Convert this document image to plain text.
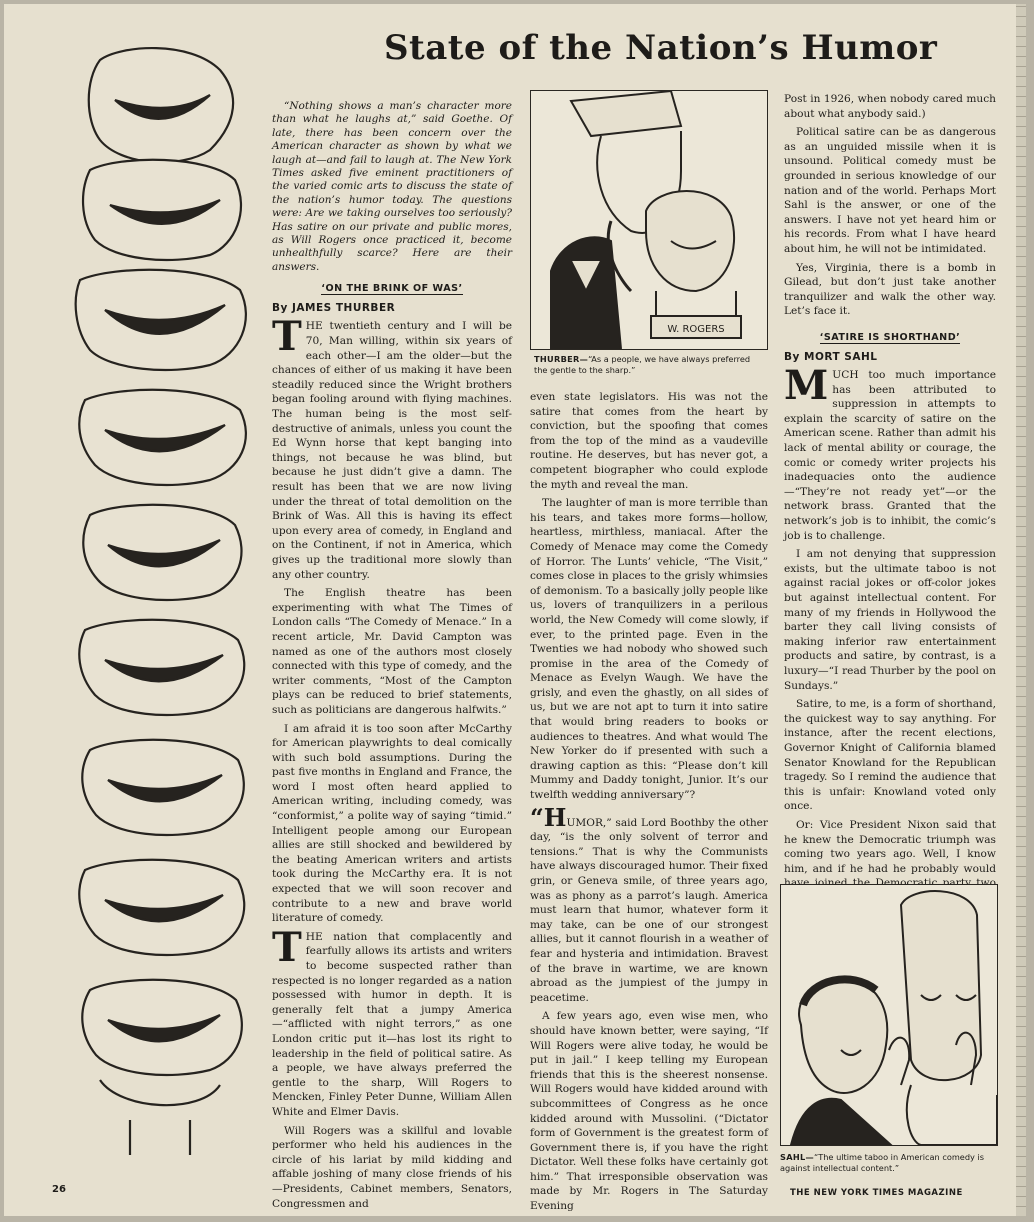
State of the Nation’s Humor
“Nothing shows a man’s character more than what he laughs at,” said Goethe. Of late, there has been concern over the American character as shown by what we laugh at—and fail to laugh at. The New York Times asked five eminent practitioners of the varied comic arts to discuss the state of the nation’s humor today. The questions were: Are we taking ourselves too seriously? Has satire on our private and public mores, as Will Rogers once practiced it, become unhealthfully scarce? Here are their answers.
‘ON THE BRINK OF WAS’
By JAMES THURBER

THE twentieth century and I will be 70, Man willing, within six years of each other—I am the older—but the chances of either of us making it have been steadily reduced since the Wright brothers began fooling around with flying machines. The human being is the most self-destructive of animals, unless you count the Ed Wynn horse that kept banging into things, not because he was blind, but because he just didn’t give a damn. The result has been that we are now living under the threat of total demolition on the Brink of Was. All this is having its effect upon every area of comedy, in England and on the Continent, if not in America, which gives up the traditional more slowly than any other country.

The English theatre has been experimenting with what The Times of London calls “The Comedy of Menace.” In a recent article, Mr. David Campton was named as one of the authors most closely connected with this type of comedy, and the writer comments, “Most of the Campton plays can be reduced to brief statements, such as politicians are dangerous halfwits.”

I am afraid it is too soon after McCarthy for American playwrights to deal comically with such bold assumptions. During the past five months in England and France, the word I most often heard applied to American writing, including comedy, was “conformist,” a polite way of saying “timid.” Intelligent people among our European allies are still shocked and bewildered by the beating American writers and artists took during the McCarthy era. It is not expected that we will soon recover and contribute to a new and brave world literature of comedy.

THE nation that complacently and fearfully allows its artists and writers to become suspected rather than respected is no longer regarded as a nation possessed with humor in depth. It is generally felt that a jumpy America—“afflicted with night terrors,” as one London critic put it—has lost its right to leadership in the field of political satire. As a people, we have always preferred the gentle to the sharp, Will Rogers to Mencken, Finley Peter Dunne, William Allen White and Elmer Davis.

Will Rogers was a skillful and lovable performer who held his audiences in the circle of his lariat by mild kidding and affable joshing of many close friends of his—Presidents, Cabinet members, Senators, Congressmen and

W. ROGERS
THURBER—“As a people, we have always preferred the gentle to the sharp.”

even state legislators. His was not the satire that comes from the heart by conviction, but the spoofing that comes from the top of the mind as a vaudeville routine. He deserves, but has never got, a competent biographer who could explode the myth and reveal the man.

The laughter of man is more terrible than his tears, and takes more forms—hollow, heartless, mirthless, maniacal. After the Comedy of Menace may come the Comedy of Horror. The Lunts’ vehicle, “The Visit,” comes close in places to the grisly whimsies of demonism. To a basically jolly people like us, lovers of tranquilizers in a perilous world, the New Comedy will come slowly, if ever, to the printed page. Even in the Twenties we had nobody who showed such promise in the area of the Comedy of Menace as Evelyn Waugh. We have the grisly, and even the ghastly, on all sides of us, but we are not apt to turn it into satire that would bring readers to books or audiences to theatres. And what would The New Yorker do if presented with such a drawing caption as this: “Please don’t kill Mummy and Daddy tonight, Junior. It’s our twelfth wedding anniversary”?

“HUMOR,” said Lord Boothby the other day, “is the only solvent of terror and tensions.” That is why the Communists have always discouraged humor. Their fixed grin, or Geneva smile, of three years ago, was as phony as a parrot’s laugh. America must learn that humor, whatever form it may take, can be one of our strongest allies, but it cannot flourish in a weather of fear and hysteria and intimidation. Bravest of the brave in wartime, we are known abroad as the jumpiest of the jumpy in peacetime.

A few years ago, even wise men, who should have known better, were saying, “If Will Rogers were alive today, he would be put in jail.” I keep telling my European friends that this is the sheerest nonsense. Will Rogers would have kidded around with subcommittees of Congress as he once kidded around with Mussolini. (“Dictator form of Government is the greatest form of Government there is, if you have the right Dictator. Well these folks have certainly got him.” That irresponsible observation was made by Mr. Rogers in The Saturday Evening

Post in 1926, when nobody cared much about what anybody said.)

Political satire can be as dangerous as an unguided missile when it is unsound. Political comedy must be grounded in serious knowledge of our nation and of the world. Perhaps Mort Sahl is the answer, or one of the answers. I have not yet heard him or his records. From what I have heard about him, he will not be intimidated.

Yes, Virginia, there is a bomb in Gilead, but don’t just take another tranquilizer and walk the other way. Let’s face it.

‘SATIRE IS SHORTHAND’
By MORT SAHL

MUCH too much importance has been attributed to suppression in attempts to explain the scarcity of satire on the American scene. Rather than admit his lack of mental ability or courage, the comic or comedy writer projects his inadequacies onto the audience—“They’re not ready yet”—or the network brass. Granted that the network’s job is to inhibit, the comic’s job is to challenge.

I am not denying that suppression exists, but the ultimate taboo is not against racial jokes or off-color jokes but against intellectual content. For many of my friends in Hollywood the barter they call living consists of making inferior raw entertainment products and satire, by contrast, is a luxury—“I read Thurber by the pool on Sundays.”

Satire, to me, is a form of shorthand, the quickest way to say anything. For instance, after the recent elections, Governor Knight of California blamed Senator Knowland for the Republican tragedy. So I remind the audience that this is unfair: Knowland voted only once.

Or: Vice President Nixon said that he knew the Democratic triumph was coming two years ago. Well, I know him, and if he had he probably would

SAHL—“The ultime taboo in American comedy is against intellectual content.”
26	THE NEW YORK TIMES MAGAZINE
